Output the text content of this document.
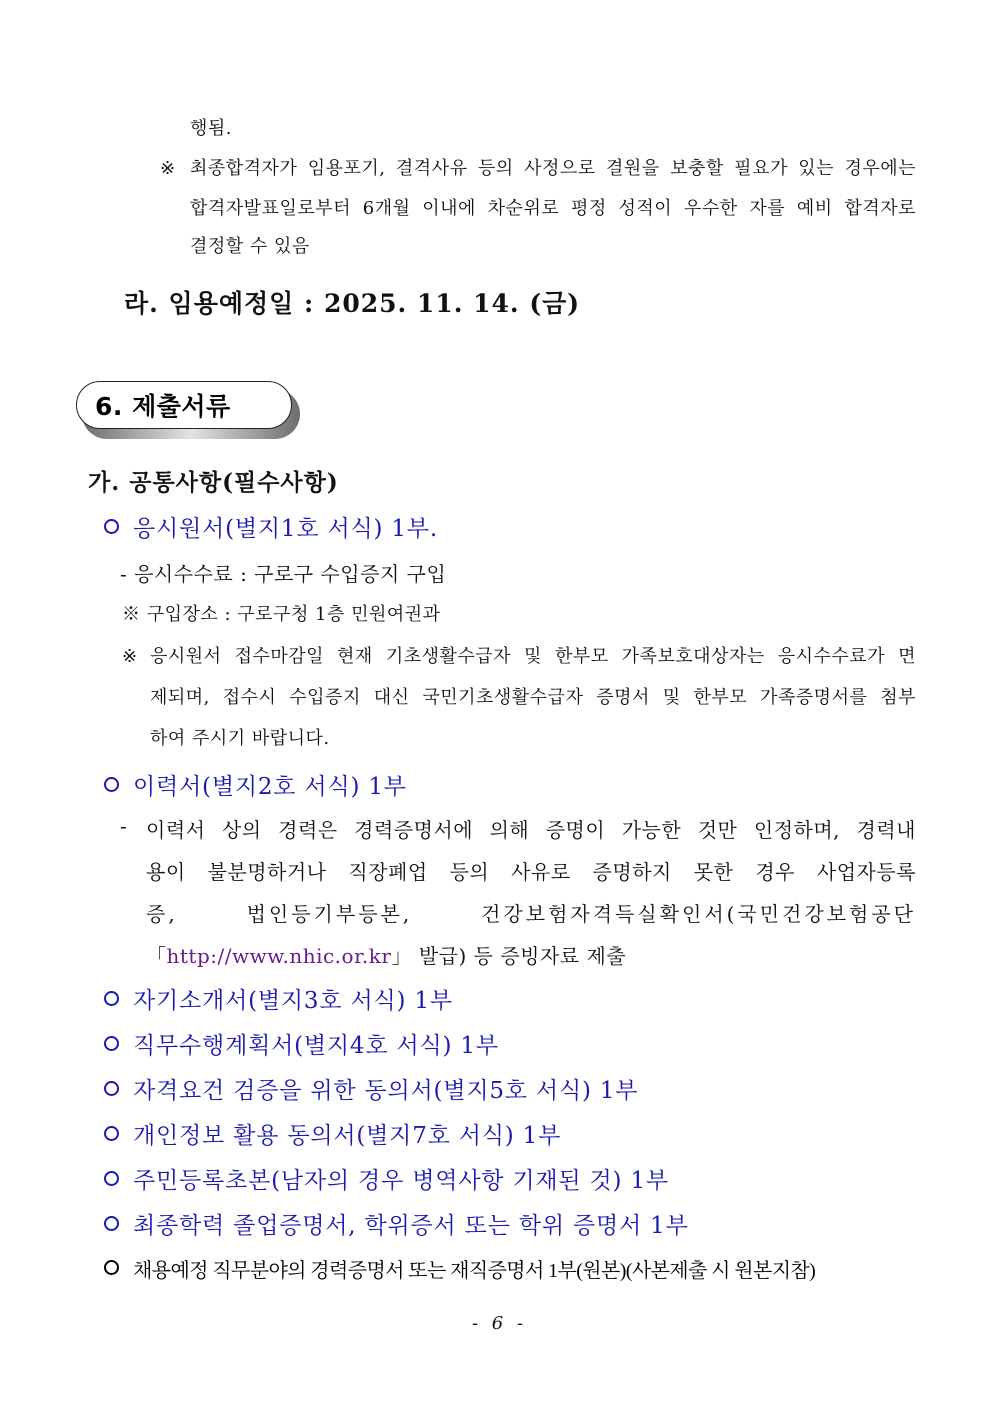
행됨.
※ 최종합격자가 임용포기, 결격사유 등의 사정으로 결원을 보충할 필요가 있는 경우에는
합격자발표일로부터 6개월 이내에 차순위로 평정 성적이 우수한 자를 예비 합격자로
결정할 수 있음
라. 임용예정일 : 2025. 11. 14. (금)
6. 제출서류
가. 공통사항(필수사항)
응시원서(별지1호 서식) 1부.
- 응시수수료 : 구로구 수입증지 구입
※ 구입장소 : 구로구청 1층 민원여권과
※ 응시원서 접수마감일 현재 기초생활수급자 및 한부모 가족보호대상자는 응시수수료가 면
제되며, 접수시 수입증지 대신 국민기초생활수급자 증명서 및 한부모 가족증명서를 첨부
하여 주시기 바랍니다.
이력서(별지2호 서식) 1부
- 이력서 상의 경력은 경력증명서에 의해 증명이 가능한 것만 인정하며, 경력내
용이 불분명하거나 직장폐업 등의 사유로 증명하지 못한 경우 사업자등록
증, 법인등기부등본, 건강보험자격득실확인서(국민건강보험공단
「http://www.nhic.or.kr」 발급) 등 증빙자료 제출
자기소개서(별지3호 서식) 1부
직무수행계획서(별지4호 서식) 1부
자격요건 검증을 위한 동의서(별지5호 서식) 1부
개인정보 활용 동의서(별지7호 서식) 1부
주민등록초본(남자의 경우 병역사항 기재된 것) 1부
최종학력 졸업증명서, 학위증서 또는 학위 증명서 1부
채용예정 직무분야의 경력증명서 또는 재직증명서 1부(원본)(사본제출 시 원본지참)
- 6 -
